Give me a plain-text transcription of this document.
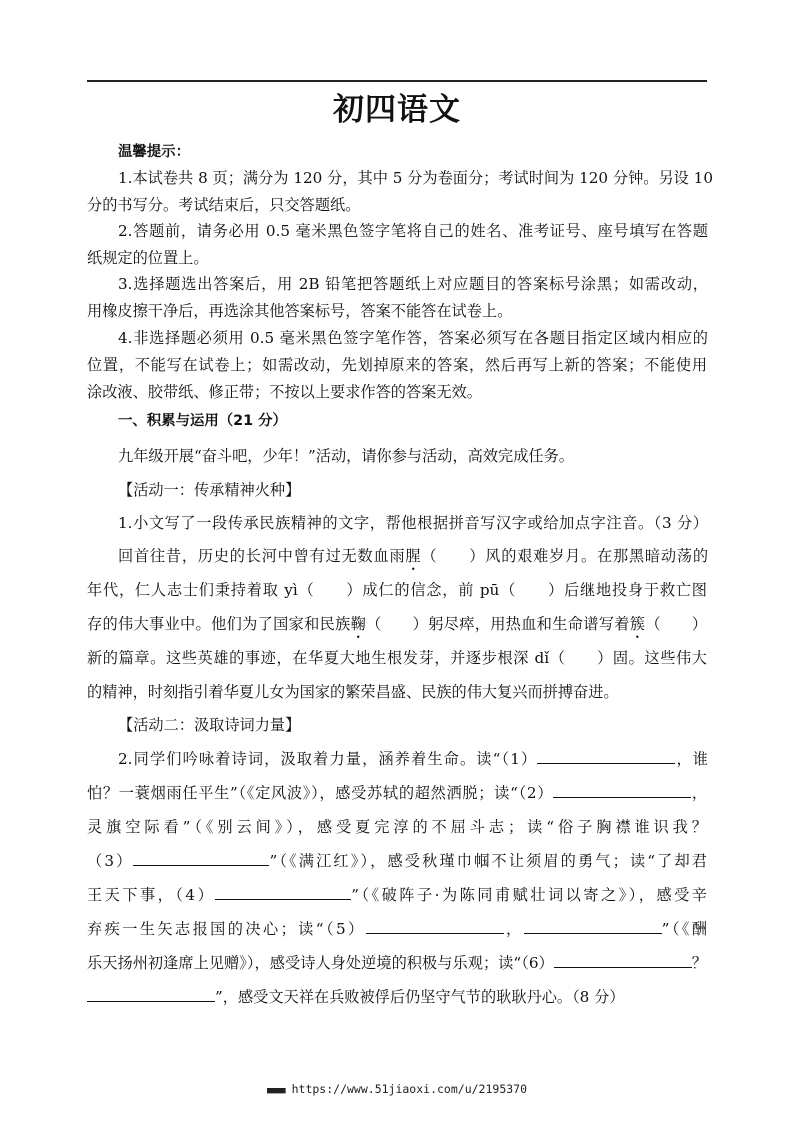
初四语文
温馨提示：
1.本试卷共 8 页；满分为 120 分，其中 5 分为卷面分；考试时间为 120 分钟。另设 10
分的书写分。考试结束后，只交答题纸。
2.答题前，请务必用 0.5 毫米黑色签字笔将自己的姓名、准考证号、座号填写在答题
纸规定的位置上。
3.选择题选出答案后，用 2B 铅笔把答题纸上对应题目的答案标号涂黑；如需改动，
用橡皮擦干净后，再选涂其他答案标号，答案不能答在试卷上。
4.非选择题必须用 0.5 毫米黑色签字笔作答，答案必须写在各题目指定区域内相应的
位置，不能写在试卷上；如需改动，先划掉原来的答案，然后再写上新的答案；不能使用
涂改液、胶带纸、修正带；不按以上要求作答的答案无效。
一、积累与运用（21 分）
九年级开展“奋斗吧，少年！”活动，请你参与活动，高效完成任务。
【活动一：传承精神火种】
1.小文写了一段传承民族精神的文字，帮他根据拼音写汉字或给加点字注音。（3 分）
回首往昔，历史的长河中曾有过无数血雨腥（　　）风的艰难岁月。在那黑暗动荡的
年代，仁人志士们秉持着取 yì（　　）成仁的信念，前 pū（　　）后继地投身于救亡图
存的伟大事业中。他们为了国家和民族鞠（　　）躬尽瘁，用热血和生命谱写着簇（　　）
新的篇章。这些英雄的事迹，在华夏大地生根发芽，并逐步根深 dǐ（　　）固。这些伟大
的精神，时刻指引着华夏儿女为国家的繁荣昌盛、民族的伟大复兴而拼搏奋进。
【活动二：汲取诗词力量】
2.同学们吟咏着诗词，汲取着力量，涵养着生命。读“（1）	，谁
怕？一蓑烟雨任平生”（《定风波》），感受苏轼的超然洒脱；读“（2）	，
灵旗空际看”（《别云间》），感受夏完淳的不屈斗志；读“俗子胸襟谁识我？
（3）	”（《满江红》），感受秋瑾巾帼不让须眉的勇气；读“了却君
王天下事，（4）	”（《破阵子·为陈同甫赋壮词以寄之》），感受辛
弃疾一生矢志报国的决心；读“（5）	，	”（《酬
乐天扬州初逢席上见赠》），感受诗人身处逆境的积极与乐观；读“（6）	？
”，感受文天祥在兵败被俘后仍坚守气节的耿耿丹心。（8 分）
■■■■ https://www.51jiaoxi.com/u/2195370
